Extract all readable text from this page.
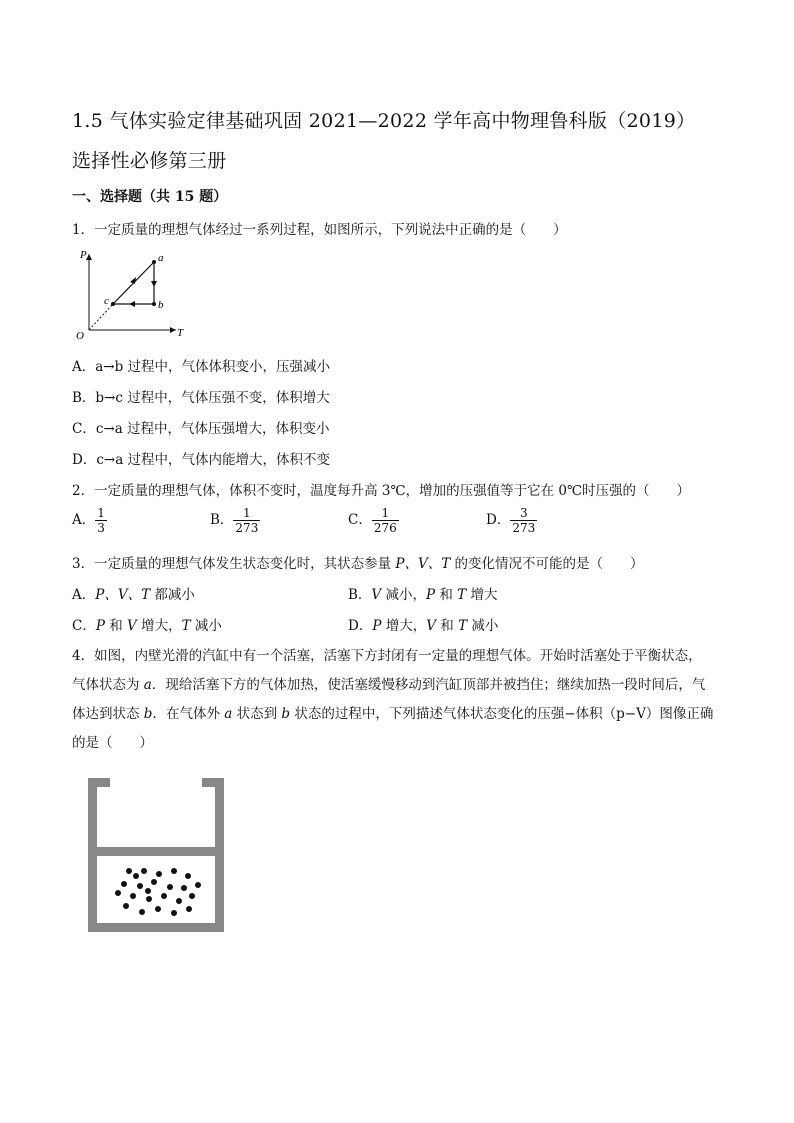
1.5 气体实验定律基础巩固 2021—2022 学年高中物理鲁科版（2019）
选择性必修第三册
一、选择题（共 15 题）
1．一定质量的理想气体经过一系列过程，如图所示，下列说法中正确的是（　　）
P
T
O
a
b
c
A．a→b 过程中，气体体积变小，压强减小
B．b→c 过程中，气体压强不变，体积增大
C．c→a 过程中，气体压强增大，体积变小
D．c→a 过程中，气体内能增大，体积不变
2．一定质量的理想气体，体积不变时，温度每升高 3℃，增加的压强值等于它在 0℃时压强的（　　）
A． $\frac{1}{3}$	B． $\frac{1}{273}$	C． $\frac{1}{276}$	D． $\frac{3}{273}$
3．一定质量的理想气体发生状态变化时，其状态参量 P、V、T 的变化情况不可能的是（　　）
A．P、V、T 都减小	B．V 减小，P 和 T 增大
C．P 和 V 增大，T 减小	D．P 增大，V 和 T 减小
4．如图，内壁光滑的汽缸中有一个活塞，活塞下方封闭有一定量的理想气体。开始时活塞处于平衡状态，
气体状态为 a．现给活塞下方的气体加热，使活塞缓慢移动到汽缸顶部并被挡住；继续加热一段时间后，气
体达到状态 b．在气体外 a 状态到 b 状态的过程中，下列描述气体状态变化的压强−体积（p−V）图像正确
的是（　　）
